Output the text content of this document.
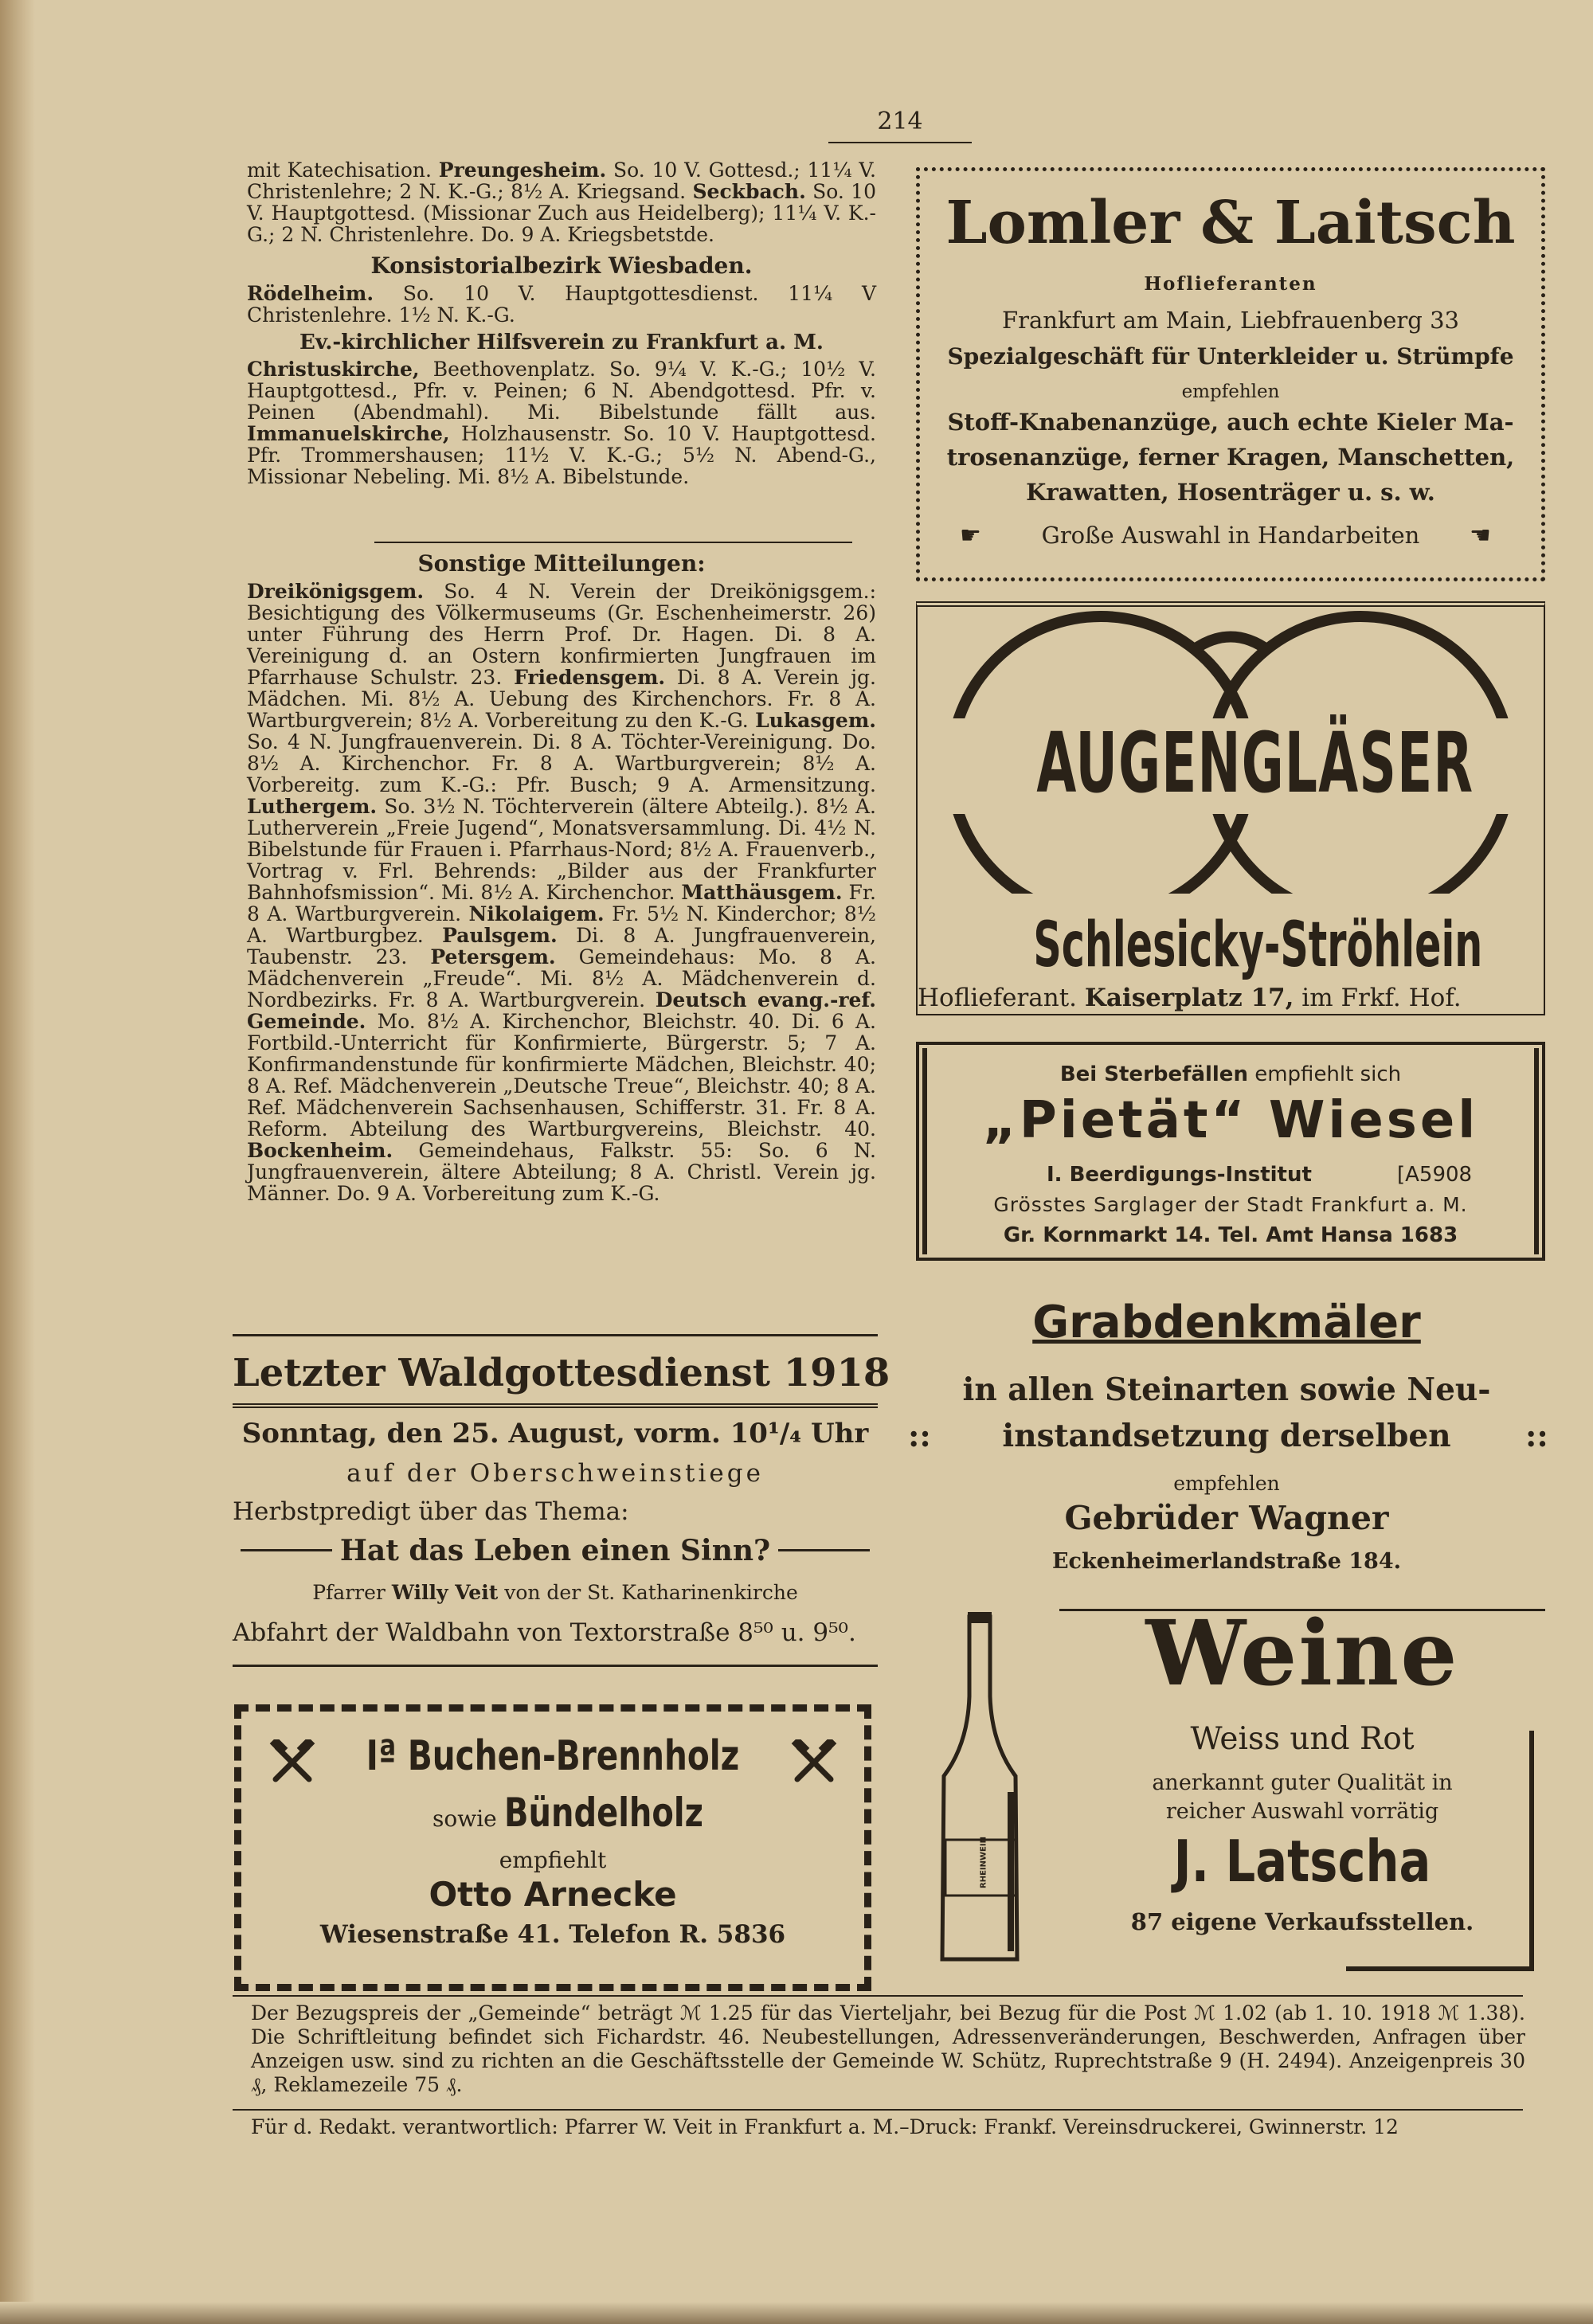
214

mit Katechisation. Preungesheim. So. 10 V. Gottesd.; 11¼ V. Christenlehre; 2 N. K.-G.; 8½ A. Kriegsand. Seckbach. So. 10 V. Hauptgottesd. (Missionar Zuch aus Heidelberg); 11¼ V. K.-G.; 2 N. Christenlehre. Do. 9 A. Kriegsbetstde.

Konsistorialbezirk Wiesbaden.

Rödelheim. So. 10 V. Hauptgottesdienst. 11¼ V Christenlehre. 1½ N. K.-G.

Ev.-kirchlicher Hilfsverein zu Frankfurt a. M.

Christuskirche, Beethovenplatz. So. 9¼ V. K.-G.; 10½ V. Hauptgottesd., Pfr. v. Peinen; 6 N. Abendgottesd. Pfr. v. Peinen (Abendmahl). Mi. Bibelstunde fällt aus. Immanuelskirche, Holzhausenstr. So. 10 V. Hauptgottesd. Pfr. Trommershausen; 11½ V. K.-G.; 5½ N. Abend-G., Missionar Nebeling. Mi. 8½ A. Bibelstunde.

Sonstige Mitteilungen:

Dreikönigsgem. So. 4 N. Verein der Dreikönigsgem.: Besichtigung des Völkermuseums (Gr. Eschenheimerstr. 26) unter Führung des Herrn Prof. Dr. Hagen. Di. 8 A. Vereinigung d. an Ostern konfirmierten Jungfrauen im Pfarrhause Schulstr. 23. Friedensgem. Di. 8 A. Verein jg. Mädchen. Mi. 8½ A. Uebung des Kirchenchors. Fr. 8 A. Wartburgverein; 8½ A. Vorbereitung zu den K.-G. Lukasgem. So. 4 N. Jungfrauenverein. Di. 8 A. Töchter-Vereinigung. Do. 8½ A. Kirchenchor. Fr. 8 A. Wartburgverein; 8½ A. Vorbereitg. zum K.-G.: Pfr. Busch; 9 A. Armensitzung. Luthergem. So. 3½ N. Töchterverein (ältere Abteilg.). 8½ A. Lutherverein „Freie Jugend“, Monatsversammlung. Di. 4½ N. Bibelstunde für Frauen i. Pfarrhaus-Nord; 8½ A. Frauenverb., Vortrag v. Frl. Behrends: „Bilder aus der Frankfurter Bahnhofsmission“. Mi. 8½ A. Kirchenchor. Matthäusgem. Fr. 8 A. Wartburgverein. Nikolaigem. Fr. 5½ N. Kinderchor; 8½ A. Wartburgbez. Paulsgem. Di. 8 A. Jungfrauenverein, Taubenstr. 23. Petersgem. Gemeindehaus: Mo. 8 A. Mädchenverein „Freude“. Mi. 8½ A. Mädchenverein d. Nordbezirks. Fr. 8 A. Wartburgverein. Deutsch evang.-ref. Gemeinde. Mo. 8½ A. Kirchenchor, Bleichstr. 40. Di. 6 A. Fortbild.-Unterricht für Konfirmierte, Bürgerstr. 5; 7 A. Konfirmandenstunde für konfirmierte Mädchen, Bleichstr. 40; 8 A. Ref. Mädchenverein „Deutsche Treue“, Bleichstr. 40; 8 A. Ref. Mädchenverein Sachsenhausen, Schifferstr. 31. Fr. 8 A. Reform. Abteilung des Wartburgvereins, Bleichstr. 40. Bockenheim. Gemeindehaus, Falkstr. 55: So. 6 N. Jungfrauenverein, ältere Abteilung; 8 A. Christl. Verein jg. Männer. Do. 9 A. Vorbereitung zum K.-G.

Letzter Waldgottesdienst 1918
Sonntag, den 25. August, vorm. 10¹/₄ Uhr
auf der Oberschweinstiege
Herbstpredigt über das Thema:
Hat das Leben einen Sinn?
Pfarrer Willy Veit von der St. Katharinenkirche
Abfahrt der Waldbahn von Textorstraße 8⁵⁰ u. 9⁵⁰.
Iª Buchen-Brennholz
sowie Bündelholz
empfiehlt
Otto Arnecke
Wiesenstraße 41. Telefon R. 5836
Lomler & Laitsch
Hoflieferanten
Frankfurt am Main, Liebfrauenberg 33
Spezialgeschäft für Unterkleider u. Strümpfe
empfehlen
Stoff-Knabenanzüge, auch echte Kieler Ma-
trosenanzüge, ferner Kragen, Manschetten,
Krawatten, Hosenträger u. s. w.
☛	Große Auswahl in Handarbeiten	☚
AUGENGLÄSER
Schlesicky-Ströhlein
Hoflieferant. Kaiserplatz 17, im Frkf. Hof.
Bei Sterbefällen empfiehlt sich
„Pietät“ Wiesel
I. Beerdigungs-Institut	[A5908
Grösstes Sarglager der Stadt Frankfurt a. M.
Gr. Kornmarkt 14. Tel. Amt Hansa 1683
Grabdenkmäler
in allen Steinarten sowie Neu-
::	instandsetzung derselben	::
empfehlen
Gebrüder Wagner
Eckenheimerlandstraße 184.
RHEINWEIN
Weine
Weiss und Rot
anerkannt guter Qualität in
reicher Auswahl vorrätig
J. Latscha
87 eigene Verkaufsstellen.
Der Bezugspreis der „Gemeinde“ beträgt ℳ 1.25 für das Vierteljahr, bei Bezug für die Post ℳ 1.02 (ab 1. 10. 1918 ℳ 1.38). Die Schriftleitung befindet sich Fichardstr. 46. Neubestellungen, Adressenveränderungen, Beschwerden, Anfragen über Anzeigen usw. sind zu richten an die Geschäftsstelle der Gemeinde W. Schütz, Ruprechtstraße 9 (H. 2494). Anzeigenpreis 30 ₰, Reklamezeile 75 ₰.
Für d. Redakt. verantwortlich: Pfarrer W. Veit in Frankfurt a. M.–Druck: Frankf. Vereinsdruckerei, Gwinnerstr. 12
